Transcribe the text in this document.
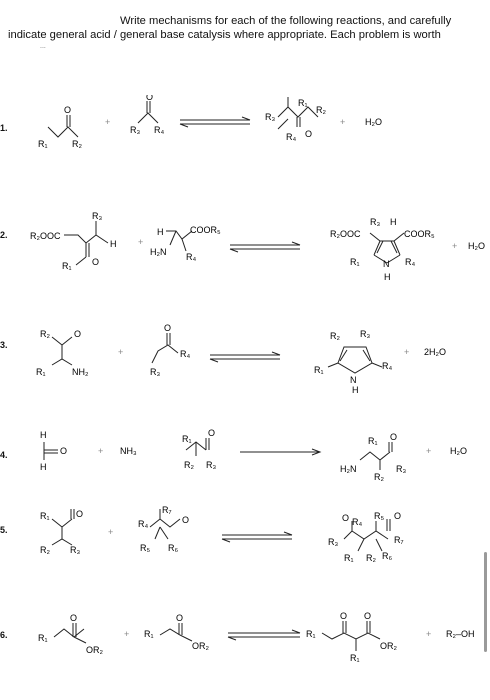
Write mechanisms for each of the following reactions, and carefully
indicate general acid / general base catalysis where appropriate. Each problem is worth
...
1.
R₁	R₂
O
+
O
R₃ R₄
R₁
R₃
R₂
R₄ O
+ H₂O
2. R₂OOC
R₃
H
R₁ O
+
H	COOR₅
H₂N R₄
R₂OOC
R₃ H
COOR₅
R₁	N R₄
H
+ H₂O
3.
R₂	O
R₁	NH₂
+
O
R₄
R₃
R₂ R₃
R₁
N
H
R₄
+ 2H₂O
4.
H
O
H
+ NH₃
R₁
O
R₂ R₃
R₁ O
H₂N
R₂
R₃
+ H₂O
5.
R₁	O
R₂ R₃
+
R₇
R₄	O
R₅ R₆
O R₄
R₅ O
R₇
R₃
R₁ R₂ R₆
6.	R₁
O
OR₂
+ R₁
O
OR₂
R₁
O O
OR₂
R₁
+ R₂–OH
